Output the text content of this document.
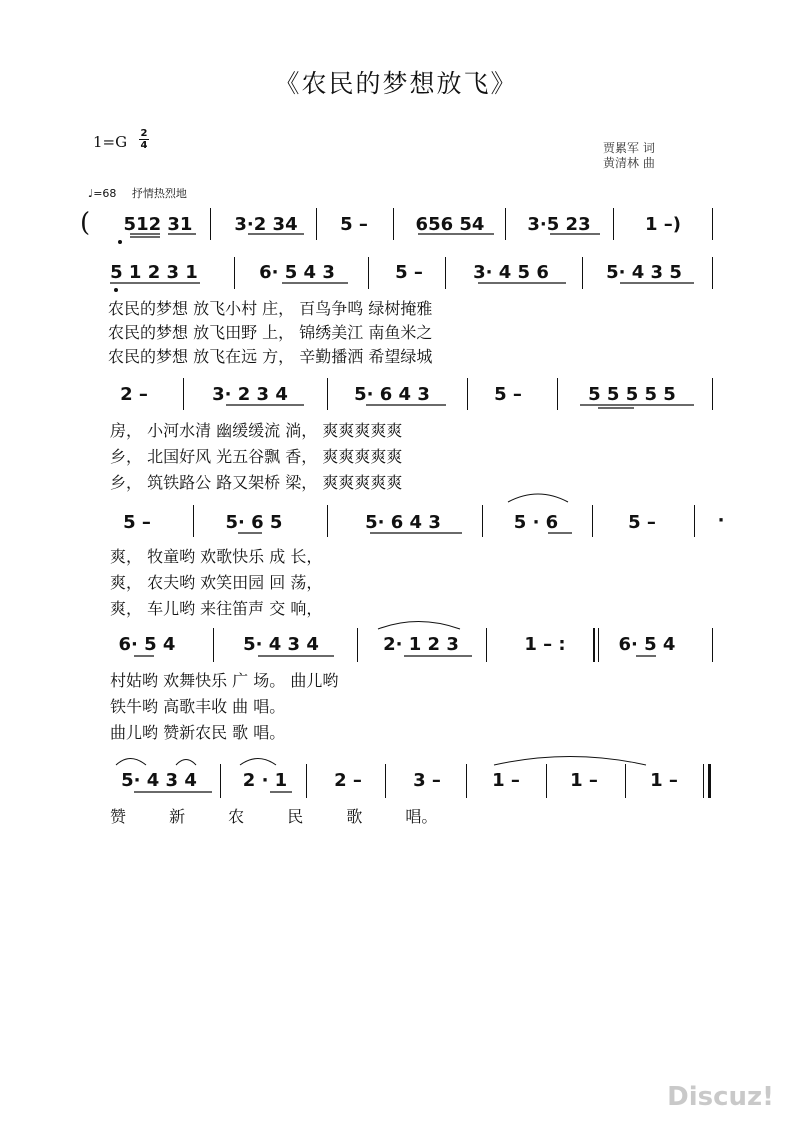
《农民的梦想放飞》
$1=G \frac{2}{4}$	贾累军 词
黄清林 曲
♩=68 抒情热烈地
(	512 31	3·2 34	5 –	656 54	3·5 23	1 –)
5 1 2 3 1	6· 5 4 3	5 –	3· 4 5 6	5· 4 3 5
农民的梦想 放飞小村 庄， 百鸟争鸣 绿树掩雅
农民的梦想 放飞田野 上， 锦绣美江 南鱼米之
农民的梦想 放飞在远 方， 辛勤播洒 希望绿城
2 –	3· 2 3 4	5· 6 4 3	5 –	5 5 5 5 5
房， 小河水清 幽缓缓流 淌， 爽爽爽爽爽
乡， 北国好风 光五谷飘 香， 爽爽爽爽爽
乡， 筑铁路公 路又架桥 梁， 爽爽爽爽爽
5 –	5· 6 5	5· 6 4 3	5 · 6	5 –	·
爽， 牧童哟 欢歌快乐 成 长，
爽， 农夫哟 欢笑田园 回 荡，
爽， 车儿哟 来往笛声 交 响，
6· 5 4	5· 4 3 4	2· 1 2 3	1 – :	6· 5 4
村姑哟 欢舞快乐 广 场。 曲儿哟
铁牛哟 高歌丰收 曲 唱。
曲儿哟 赞新农民 歌 唱。
5· 4 3 4	2 · 1	2 –	3 –	1 –	1 –	1 –
赞 新 农 民 歌 唱。
Discuz!
